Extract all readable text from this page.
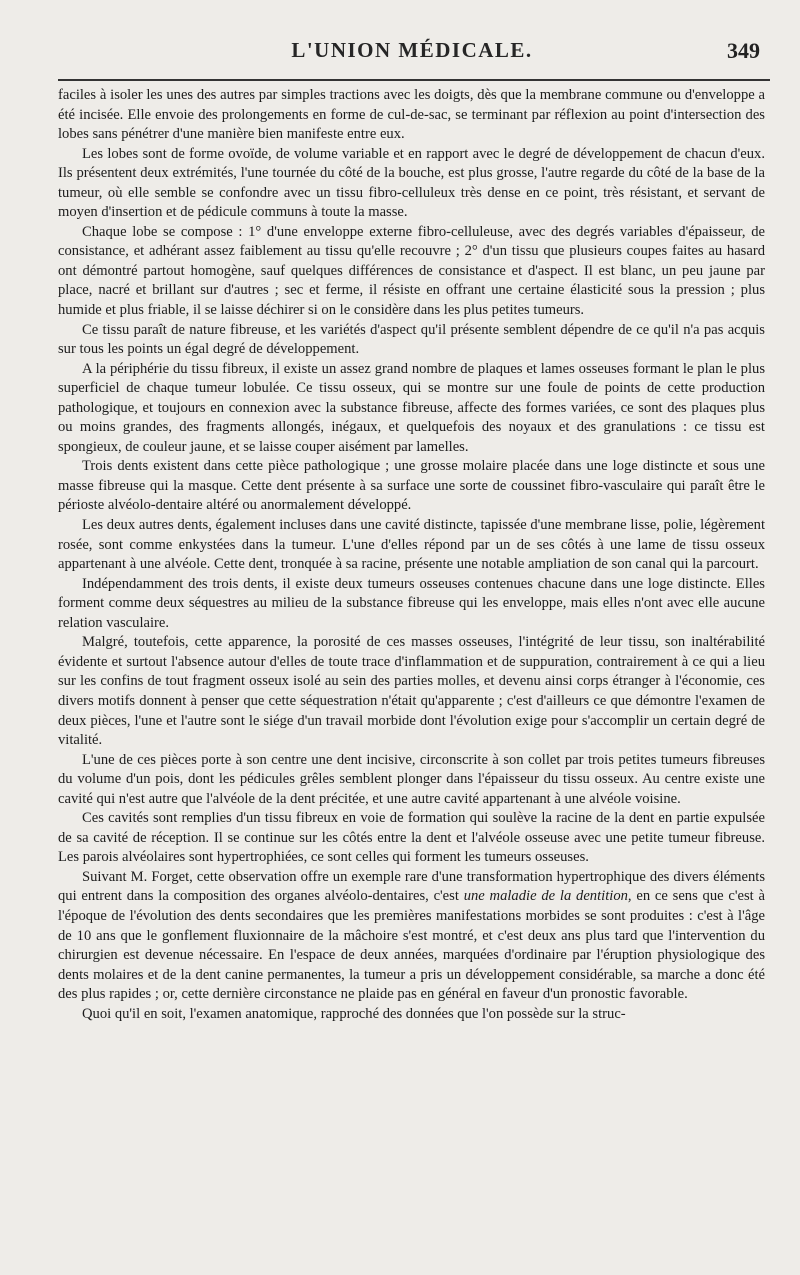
L'UNION MÉDICALE.	349

faciles à isoler les unes des autres par simples tractions avec les doigts, dès que la membrane commune ou d'enveloppe a été incisée. Elle envoie des prolongements en forme de cul-de-sac, se terminant par réflexion au point d'intersection des lobes sans pénétrer d'une manière bien manifeste entre eux.

Les lobes sont de forme ovoïde, de volume variable et en rapport avec le degré de développement de chacun d'eux. Ils présentent deux extrémités, l'une tournée du côté de la bouche, est plus grosse, l'autre regarde du côté de la base de la tumeur, où elle semble se confondre avec un tissu fibro-celluleux très dense en ce point, très résistant, et servant de moyen d'insertion et de pédicule communs à toute la masse.

Chaque lobe se compose : 1° d'une enveloppe externe fibro-celluleuse, avec des degrés variables d'épaisseur, de consistance, et adhérant assez faiblement au tissu qu'elle recouvre ; 2° d'un tissu que plusieurs coupes faites au hasard ont démontré partout homogène, sauf quelques différences de consistance et d'aspect. Il est blanc, un peu jaune par place, nacré et brillant sur d'autres ; sec et ferme, il résiste en offrant une certaine élasticité sous la pression ; plus humide et plus friable, il se laisse déchirer si on le considère dans les plus petites tumeurs.

Ce tissu paraît de nature fibreuse, et les variétés d'aspect qu'il présente semblent dépendre de ce qu'il n'a pas acquis sur tous les points un égal degré de développement.

A la périphérie du tissu fibreux, il existe un assez grand nombre de plaques et lames osseuses formant le plan le plus superficiel de chaque tumeur lobulée. Ce tissu osseux, qui se montre sur une foule de points de cette production pathologique, et toujours en connexion avec la substance fibreuse, affecte des formes variées, ce sont des plaques plus ou moins grandes, des fragments allongés, inégaux, et quelquefois des noyaux et des granulations : ce tissu est spongieux, de couleur jaune, et se laisse couper aisément par lamelles.

Trois dents existent dans cette pièce pathologique ; une grosse molaire placée dans une loge distincte et sous une masse fibreuse qui la masque. Cette dent présente à sa surface une sorte de coussinet fibro-vasculaire qui paraît être le périoste alvéolo-dentaire altéré ou anormalement développé.

Les deux autres dents, également incluses dans une cavité distincte, tapissée d'une membrane lisse, polie, légèrement rosée, sont comme enkystées dans la tumeur. L'une d'elles répond par un de ses côtés à une lame de tissu osseux appartenant à une alvéole. Cette dent, tronquée à sa racine, présente une notable ampliation de son canal qui la parcourt.

Indépendamment des trois dents, il existe deux tumeurs osseuses contenues chacune dans une loge distincte. Elles forment comme deux séquestres au milieu de la substance fibreuse qui les enveloppe, mais elles n'ont avec elle aucune relation vasculaire.

Malgré, toutefois, cette apparence, la porosité de ces masses osseuses, l'intégrité de leur tissu, son inaltérabilité évidente et surtout l'absence autour d'elles de toute trace d'inflammation et de suppuration, contrairement à ce qui a lieu sur les confins de tout fragment osseux isolé au sein des parties molles, et devenu ainsi corps étranger à l'économie, ces divers motifs donnent à penser que cette séquestration n'était qu'apparente ; c'est d'ailleurs ce que démontre l'examen de deux pièces, l'une et l'autre sont le siége d'un travail morbide dont l'évolution exige pour s'accomplir un certain degré de vitalité.

L'une de ces pièces porte à son centre une dent incisive, circonscrite à son collet par trois petites tumeurs fibreuses du volume d'un pois, dont les pédicules grêles semblent plonger dans l'épaisseur du tissu osseux. Au centre existe une cavité qui n'est autre que l'alvéole de la dent précitée, et une autre cavité appartenant à une alvéole voisine.

Ces cavités sont remplies d'un tissu fibreux en voie de formation qui soulève la racine de la dent en partie expulsée de sa cavité de réception. Il se continue sur les côtés entre la dent et l'alvéole osseuse avec une petite tumeur fibreuse. Les parois alvéolaires sont hypertrophiées, ce sont celles qui forment les tumeurs osseuses.

Suivant M. Forget, cette observation offre un exemple rare d'une transformation hypertrophique des divers éléments qui entrent dans la composition des organes alvéolo-dentaires, c'est une maladie de la dentition, en ce sens que c'est à l'époque de l'évolution des dents secondaires que les premières manifestations morbides se sont produites : c'est à l'âge de 10 ans que le gonflement fluxionnaire de la mâchoire s'est montré, et c'est deux ans plus tard que l'intervention du chirurgien est devenue nécessaire. En l'espace de deux années, marquées d'ordinaire par l'éruption physiologique des dents molaires et de la dent canine permanentes, la tumeur a pris un développement considérable, sa marche a donc été des plus rapides ; or, cette dernière circonstance ne plaide pas en général en faveur d'un pronostic favorable.

Quoi qu'il en soit, l'examen anatomique, rapproché des données que l'on possède sur la struc-
